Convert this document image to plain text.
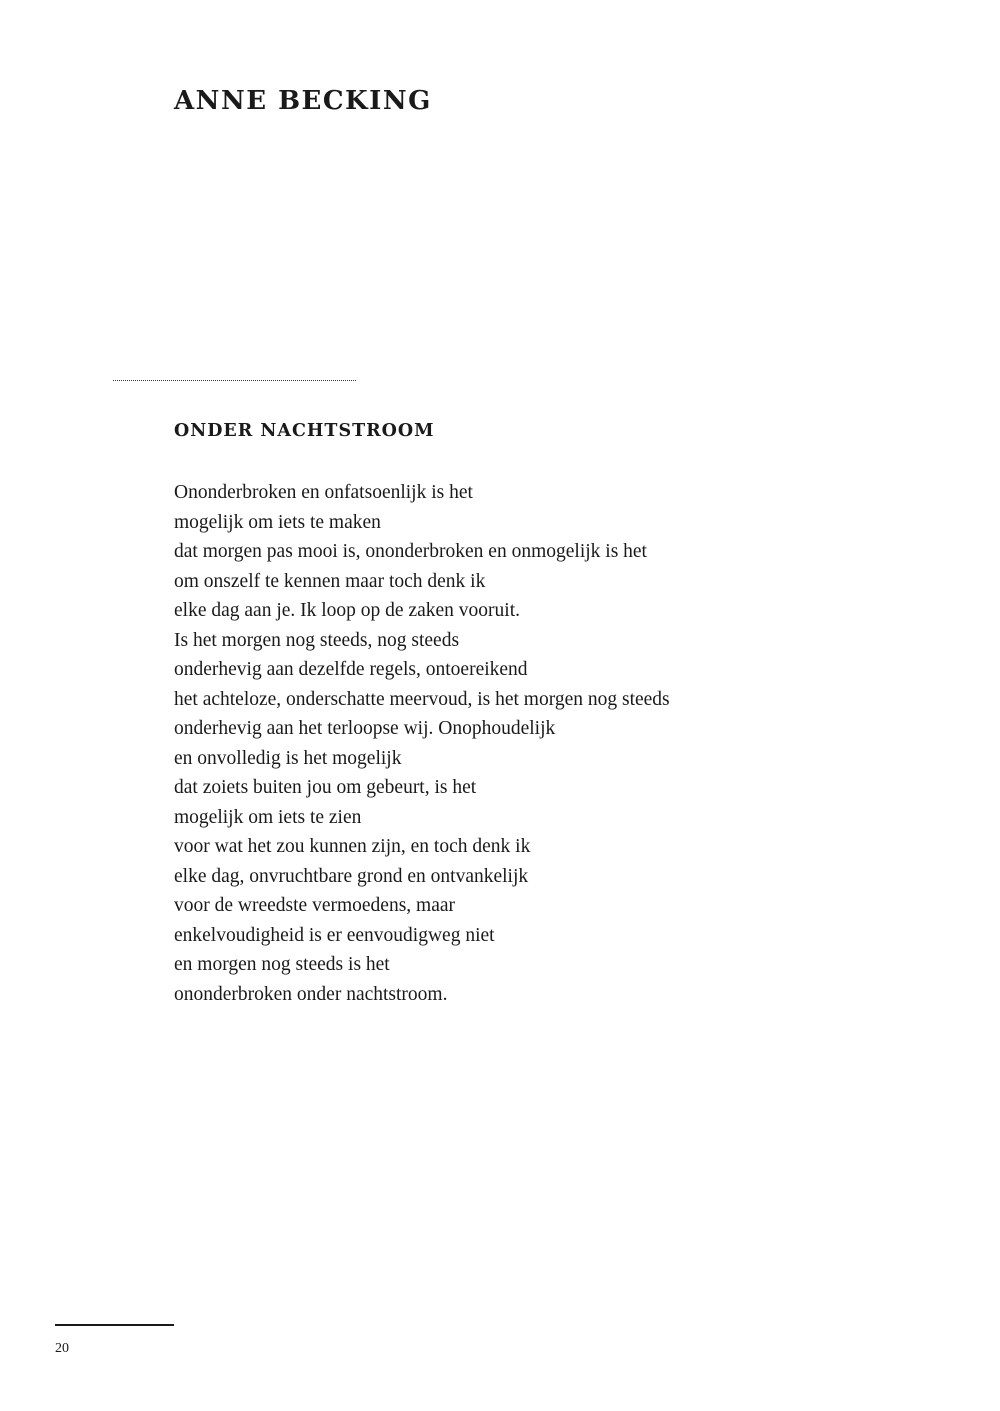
ANNE BECKING
ONDER NACHTSTROOM
Ononderbroken en onfatsoenlijk is het
mogelijk om iets te maken
dat morgen pas mooi is, ononderbroken en onmogelijk is het
om onszelf te kennen maar toch denk ik
elke dag aan je. Ik loop op de zaken vooruit.
Is het morgen nog steeds, nog steeds
onderhevig aan dezelfde regels, ontoereikend
het achteloze, onderschatte meervoud, is het morgen nog steeds
onderhevig aan het terloopse wij. Onophoudelijk
en onvolledig is het mogelijk
dat zoiets buiten jou om gebeurt, is het
mogelijk om iets te zien
voor wat het zou kunnen zijn, en toch denk ik
elke dag, onvruchtbare grond en ontvankelijk
voor de wreedste vermoedens, maar
enkelvoudigheid is er eenvoudigweg niet
en morgen nog steeds is het
ononderbroken onder nachtstroom.

20
